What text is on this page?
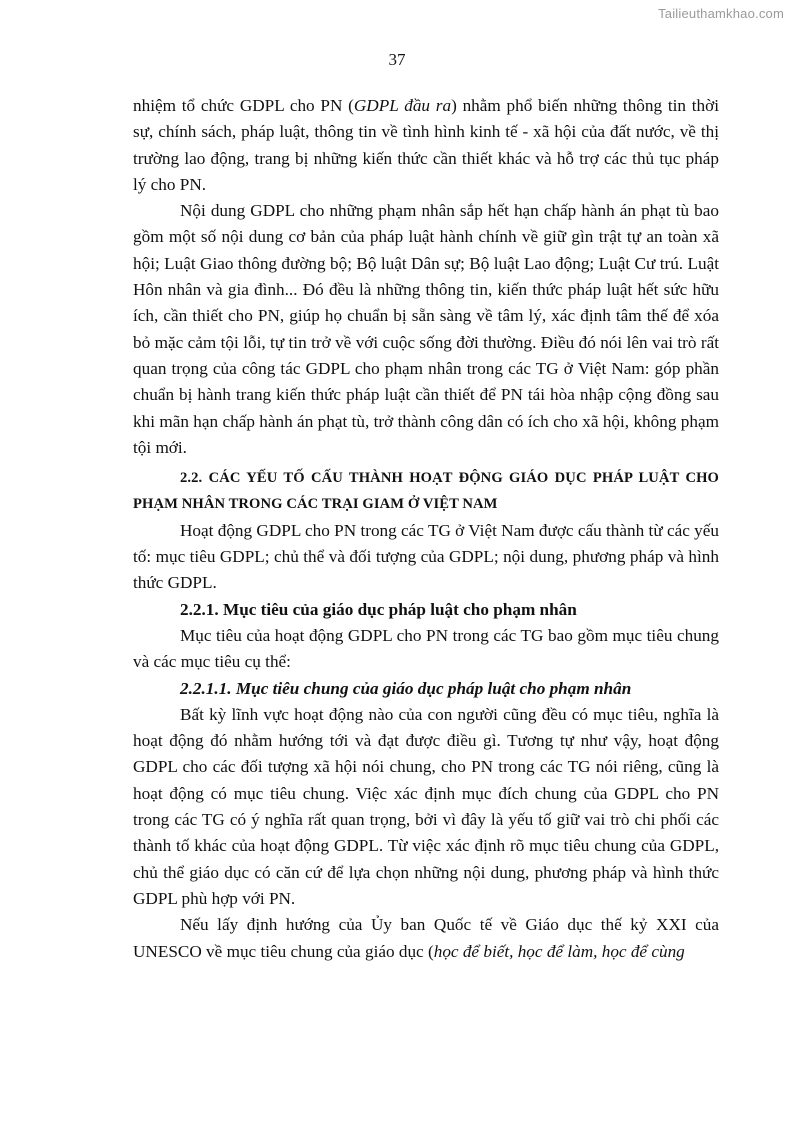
Tailieuthamkhao.com
37

nhiệm tổ chức GDPL cho PN (GDPL đầu ra) nhằm phổ biến những thông tin thời sự, chính sách, pháp luật, thông tin về tình hình kinh tế - xã hội của đất nước, về thị trường lao động, trang bị những kiến thức cần thiết khác và hỗ trợ các thủ tục pháp lý cho PN.

Nội dung GDPL cho những phạm nhân sắp hết hạn chấp hành án phạt tù bao gồm một số nội dung cơ bản của pháp luật hành chính về giữ gìn trật tự an toàn xã hội; Luật Giao thông đường bộ; Bộ luật Dân sự; Bộ luật Lao động; Luật Cư trú. Luật Hôn nhân và gia đình... Đó đều là những thông tin, kiến thức pháp luật hết sức hữu ích, cần thiết cho PN, giúp họ chuẩn bị sẵn sàng về tâm lý, xác định tâm thế để xóa bỏ mặc cảm tội lỗi, tự tin trở về với cuộc sống đời thường. Điều đó nói lên vai trò rất quan trọng của công tác GDPL cho phạm nhân trong các TG ở Việt Nam: góp phần chuẩn bị hành trang kiến thức pháp luật cần thiết để PN tái hòa nhập cộng đồng sau khi mãn hạn chấp hành án phạt tù, trở thành công dân có ích cho xã hội, không phạm tội mới.

2.2. CÁC YẾU TỐ CẤU THÀNH HOẠT ĐỘNG GIÁO DỤC PHÁP LUẬT CHO PHẠM NHÂN TRONG CÁC TRẠI GIAM Ở VIỆT NAM

Hoạt động GDPL cho PN trong các TG ở Việt Nam được cấu thành từ các yếu tố: mục tiêu GDPL; chủ thể và đối tượng của GDPL; nội dung, phương pháp và hình thức GDPL.

2.2.1. Mục tiêu của giáo dục pháp luật cho phạm nhân

Mục tiêu của hoạt động GDPL cho PN trong các TG bao gồm mục tiêu chung và các mục tiêu cụ thể:

2.2.1.1. Mục tiêu chung của giáo dục pháp luật cho phạm nhân

Bất kỳ lĩnh vực hoạt động nào của con người cũng đều có mục tiêu, nghĩa là hoạt động đó nhằm hướng tới và đạt được điều gì. Tương tự như vậy, hoạt động GDPL cho các đối tượng xã hội nói chung, cho PN trong các TG nói riêng, cũng là hoạt động có mục tiêu chung. Việc xác định mục đích chung của GDPL cho PN trong các TG có ý nghĩa rất quan trọng, bởi vì đây là yếu tố giữ vai trò chi phối các thành tố khác của hoạt động GDPL. Từ việc xác định rõ mục tiêu chung của GDPL, chủ thể giáo dục có căn cứ để lựa chọn những nội dung, phương pháp và hình thức GDPL phù hợp với PN.

Nếu lấy định hướng của Ủy ban Quốc tế về Giáo dục thế kỷ XXI của UNESCO về mục tiêu chung của giáo dục (học để biết, học để làm, học để cùng
